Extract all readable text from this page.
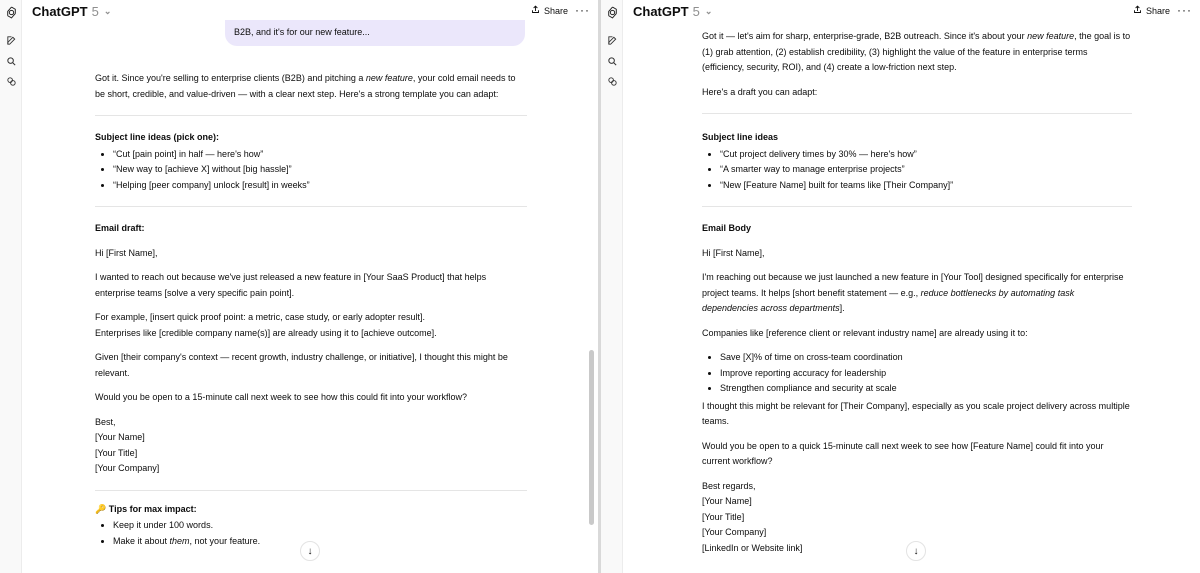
ChatGPT 5 ⌄	Share ···
B2B, and it's for our new feature...

Got it. Since you're selling to enterprise clients (B2B) and pitching a new feature, your cold email needs to be short, credible, and value-driven — with a clear next step. Here's a strong template you can adapt:

Subject line ideas (pick one):

“Cut [pain point] in half — here's how”
“New way to [achieve X] without [big hassle]”
“Helping [peer company] unlock [result] in weeks”

Email draft:

Hi [First Name],

I wanted to reach out because we've just released a new feature in [Your SaaS Product] that helps enterprise teams [solve a very specific pain point].

For example, [insert quick proof point: a metric, case study, or early adopter result].
Enterprises like [credible company name(s)] are already using it to [achieve outcome].

Given [their company's context — recent growth, industry challenge, or initiative], I thought this might be relevant.

Would you be open to a 15-minute call next week to see how this could fit into your workflow?

Best,
[Your Name]
[Your Title]
[Your Company]

🔑 Tips for max impact:

Keep it under 100 words.
Make it about them, not your feature.
↓
ChatGPT 5 ⌄	Share ···

Got it — let's aim for sharp, enterprise-grade, B2B outreach. Since it's about your new feature, the goal is to (1) grab attention, (2) establish credibility, (3) highlight the value of the feature in enterprise terms (efficiency, security, ROI), and (4) create a low-friction next step.

Here's a draft you can adapt:

Subject line ideas

“Cut project delivery times by 30% — here's how”
“A smarter way to manage enterprise projects”
“New [Feature Name] built for teams like [Their Company]”

Email Body

Hi [First Name],

I'm reaching out because we just launched a new feature in [Your Tool] designed specifically for enterprise project teams. It helps [short benefit statement — e.g., reduce bottlenecks by automating task dependencies across departments].

Companies like [reference client or relevant industry name] are already using it to:

Save [X]% of time on cross-team coordination
Improve reporting accuracy for leadership
Strengthen compliance and security at scale

I thought this might be relevant for [Their Company], especially as you scale project delivery across multiple teams.

Would you be open to a quick 15-minute call next week to see how [Feature Name] could fit into your current workflow?

Best regards,
[Your Name]
[Your Title]
[Your Company]
[LinkedIn or Website link]	↓
